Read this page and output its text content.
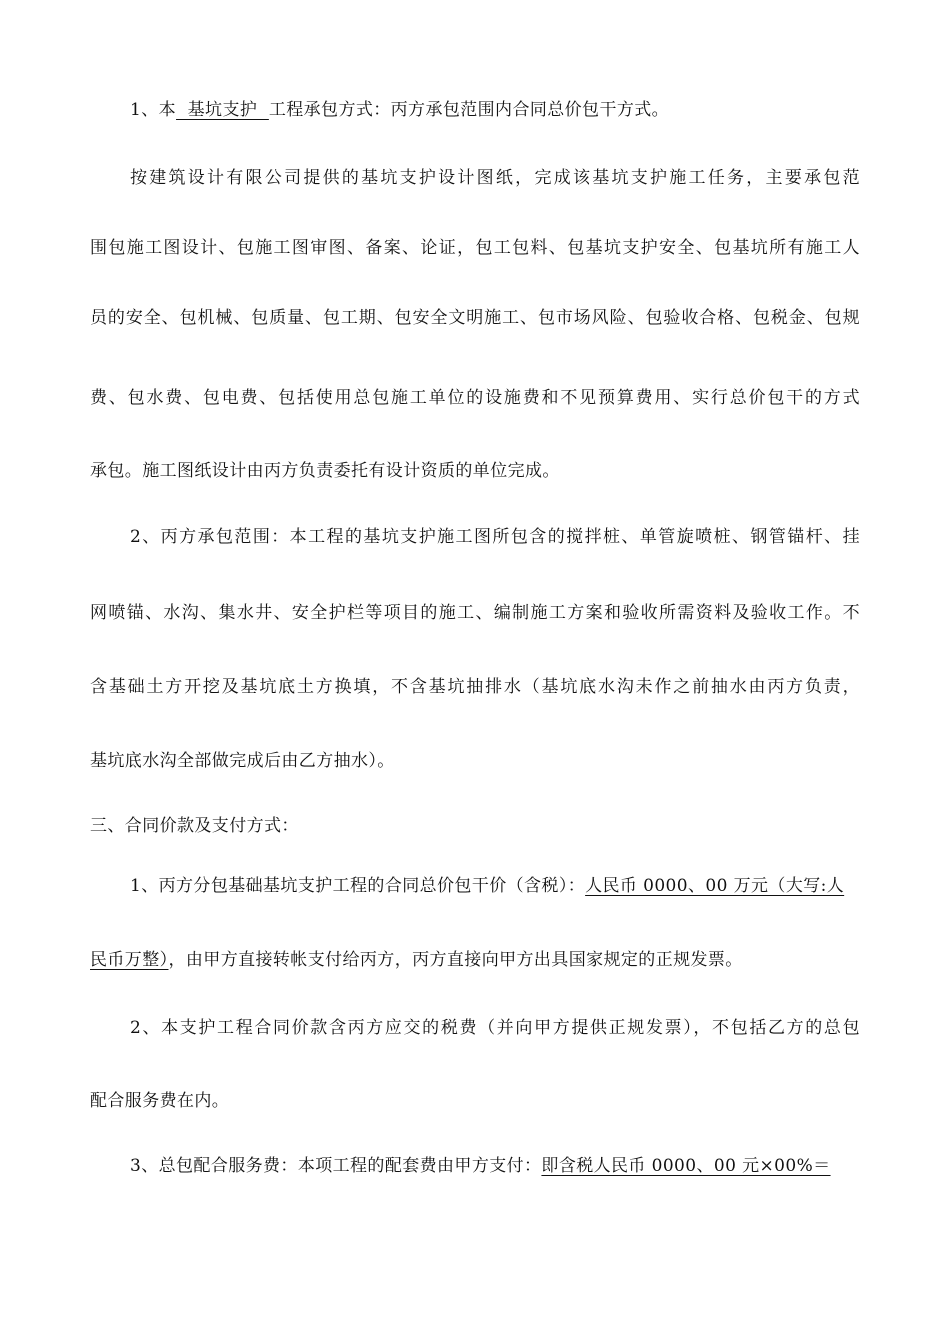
1、本  基坑支护  工程承包方式：丙方承包范围内合同总价包干方式。
按建筑设计有限公司提供的基坑支护设计图纸，完成该基坑支护施工任务，主要承包范
围包施工图设计、包施工图审图、备案、论证，包工包料、包基坑支护安全、包基坑所有施工人
员的安全、包机械、包质量、包工期、包安全文明施工、包市场风险、包验收合格、包税金、包规
费、包水费、包电费、包括使用总包施工单位的设施费和不见预算费用、实行总价包干的方式
承包。施工图纸设计由丙方负责委托有设计资质的单位完成。
2、丙方承包范围：本工程的基坑支护施工图所包含的搅拌桩、单管旋喷桩、钢管锚杆、挂
网喷锚、水沟、集水井、安全护栏等项目的施工、编制施工方案和验收所需资料及验收工作。不
含基础土方开挖及基坑底土方换填，不含基坑抽排水（基坑底水沟未作之前抽水由丙方负责，
基坑底水沟全部做完成后由乙方抽水）。
三、合同价款及支付方式：
1、丙方分包基础基坑支护工程的合同总价包干价（含税）：人民币 0000、00 万元（大写:人
民币万整），由甲方直接转帐支付给丙方，丙方直接向甲方出具国家规定的正规发票。
2、本支护工程合同价款含丙方应交的税费（并向甲方提供正规发票），不包括乙方的总包
配合服务费在内。
3、总包配合服务费：本项工程的配套费由甲方支付：即含税人民币 0000、00 元×00%＝
